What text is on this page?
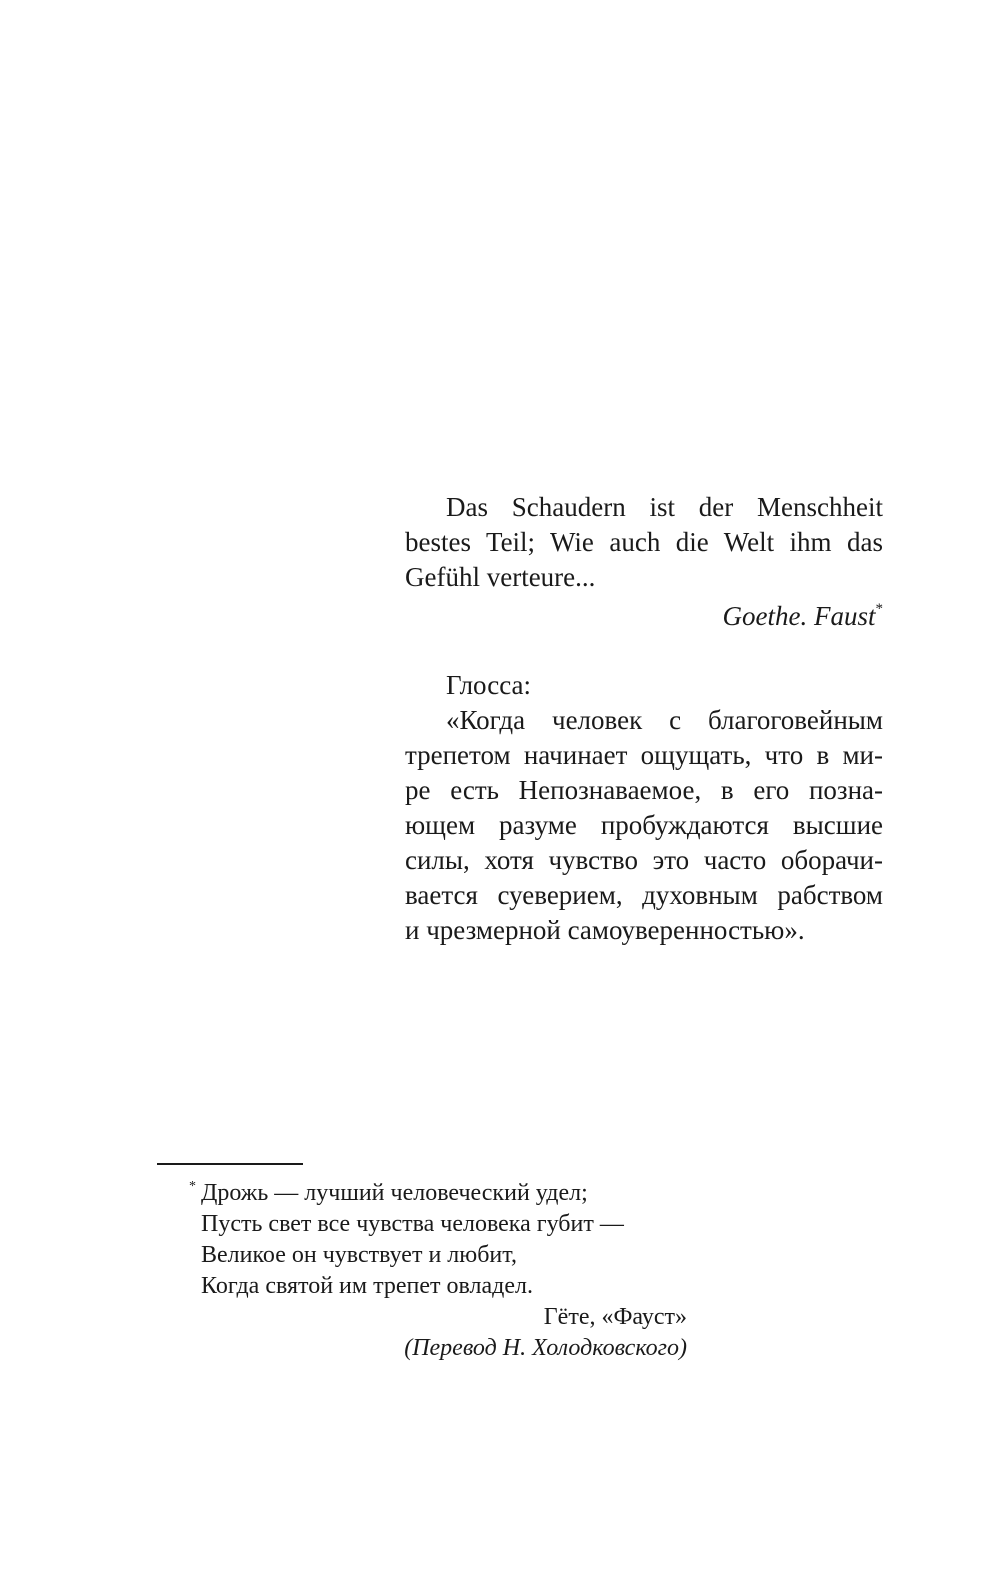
Das Schaudern ist der Menschheit bestes Teil; Wie auch die Welt ihm das Gefühl verteure...

Goethe. Faust*

Глосса:

«Когда человек с благоговейным
трепетом начинает ощущать, что в ми-
ре есть Непознаваемое, в его позна-
ющем разуме пробуждаются высшие
силы, хотя чувство это часто оборачи-
вается суеверием, духовным рабством
и чрезмерной самоуверенностью».
* Дрожь — лучший человеческий удел;
Пусть свет все чувства человека губит —
Великое он чувствует и любит,
Когда святой им трепет овладел.
Гёте, «Фауст»
(Перевод Н. Холодковского)
